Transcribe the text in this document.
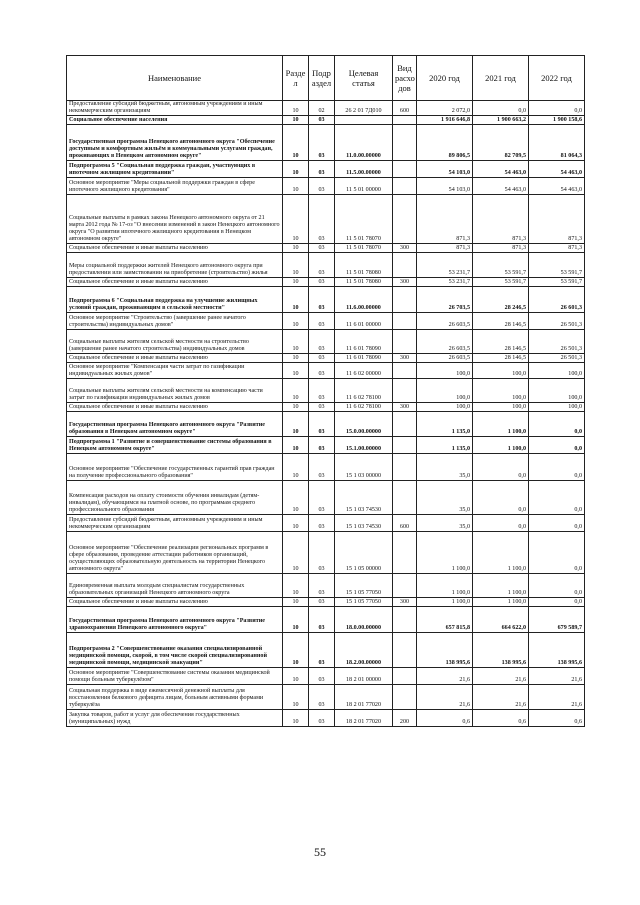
Наименование	Разде л	Подр аздел	Целевая статья	Вид расхо дов	2020 год	2021 год	2022 год
Предоставление субсидий бюджетным, автономным учреждениям и иным некоммерческим организациям	10	02	26 2 01 7Д010	600	2 072,0	0,0	0,0
Социальное обеспечение населения	10	03			1 916 646,8	1 900 663,2	1 900 158,6
Государственная программа Ненецкого автономного округа "Обеспечение доступным и комфортным жильём и коммунальными услугами граждан, проживающих в Ненецком автономном округе"	10	03	11.0.00.00000		89 806,5	82 709,5	81 064,3
Подпрограмма 5 "Социальная поддержка граждан, участвующих в ипотечном жилищном кредитовании"	10	03	11.5.00.00000		54 103,0	54 463,0	54 463,0
Основное мероприятие "Меры социальной поддержки граждан в сфере ипотечного жилищного кредитования"	10	03	11 5 01 00000		54 103,0	54 463,0	54 463,0
Социальные выплаты в рамках закона Ненецкого автономного округа от 21 марта 2012 года № 17-оз "О внесении изменений в закон Ненецкого автономного округа "О развитии ипотечного жилищного кредитования в Ненецком автономном округе"	10	03	11 5 01 78070		871,3	871,3	871,3
Социальное обеспечение и иные выплаты населению	10	03	11 5 01 78070	300	871,3	871,3	871,3
Меры социальной поддержки жителей Ненецкого автономного округа при предоставлении или заимствовании на приобретение (строительство) жилья	10	03	11 5 01 78080		53 231,7	53 591,7	53 591,7
Социальное обеспечение и иные выплаты населению	10	03	11 5 01 78080	300	53 231,7	53 591,7	53 591,7
Подпрограмма 6 "Социальная поддержка на улучшение жилищных условий граждан, проживающим в сельской местности"	10	03	11.6.00.00000		26 703,5	28 246,5	26 601,3
Основное мероприятие "Строительство (завершение ранее начатого строительства) индивидуальных домов"	10	03	11 6 01 00000		26 603,5	28 146,5	26 501,3
Социальные выплаты жителям сельской местности на строительство (завершение ранее начатого строительства) индивидуальных домов	10	03	11 6 01 78090		26 603,5	28 146,5	26 501,3
Социальное обеспечение и иные выплаты населению	10	03	11 6 01 78090	300	26 603,5	28 146,5	26 501,3
Основное мероприятие "Компенсация части затрат по газификации индивидуальных жилых домов"	10	03	11 6 02 00000		100,0	100,0	100,0
Социальные выплаты жителям сельской местности на компенсацию части затрат по газификации индивидуальных жилых домов	10	03	11 6 02 78100		100,0	100,0	100,0
Социальное обеспечение и иные выплаты населению	10	03	11 6 02 78100	300	100,0	100,0	100,0
Государственная программа Ненецкого автономного округа "Развитие образования в Ненецком автономном округе"	10	03	15.0.00.00000		1 135,0	1 100,0	0,0
Подпрограмма 1 "Развитие и совершенствование системы образования в Ненецком автономном округе"	10	03	15.1.00.00000		1 135,0	1 100,0	0,0
Основное мероприятие "Обеспечение государственных гарантий прав граждан на получение профессионального образования"	10	03	15 1 03 00000		35,0	0,0	0,0
Компенсация расходов на оплату стоимости обучения инвалидам (детям-инвалидам), обучающимся на платной основе, по программам среднего профессионального образования	10	03	15 1 03 74530		35,0	0,0	0,0
Предоставление субсидий бюджетным, автономным учреждениям и иным некоммерческим организациям	10	03	15 1 03 74530	600	35,0	0,0	0,0
Основное мероприятие "Обеспечение реализации региональных программ в сфере образования, проведение аттестации работников организаций, осуществляющих образовательную деятельность на территории Ненецкого автономного округа"	10	03	15 1 05 00000		1 100,0	1 100,0	0,0
Единовременная выплата молодым специалистам государственных образовательных организаций Ненецкого автономного округа	10	03	15 1 05 77050		1 100,0	1 100,0	0,0
Социальное обеспечение и иные выплаты населению	10	03	15 1 05 77050	300	1 100,0	1 100,0	0,0
Государственная программа Ненецкого автономного округа "Развитие здравоохранения Ненецкого автономного округа"	10	03	18.0.00.00000		657 815,8	664 622,0	679 589,7
Подпрограмма 2 "Совершенствование оказания специализированной медицинской помощи, скорой, в том числе скорой специализированной медицинской помощи, медицинской эвакуации"	10	03	18.2.00.00000		138 995,6	138 995,6	138 995,6
Основное мероприятие "Совершенствование системы оказания медицинской помощи больным туберкулёзом"	10	03	18 2 01 00000		21,6	21,6	21,6
Социальная поддержка в виде ежемесячной денежной выплаты для восстановления белкового дефицита лицам, больным активными формами туберкулёза	10	03	18 2 01 77020		21,6	21,6	21,6
Закупка товаров, работ и услуг для обеспечения государственных (муниципальных) нужд	10	03	18 2 01 77020	200	0,6	0,6	0,6
55
